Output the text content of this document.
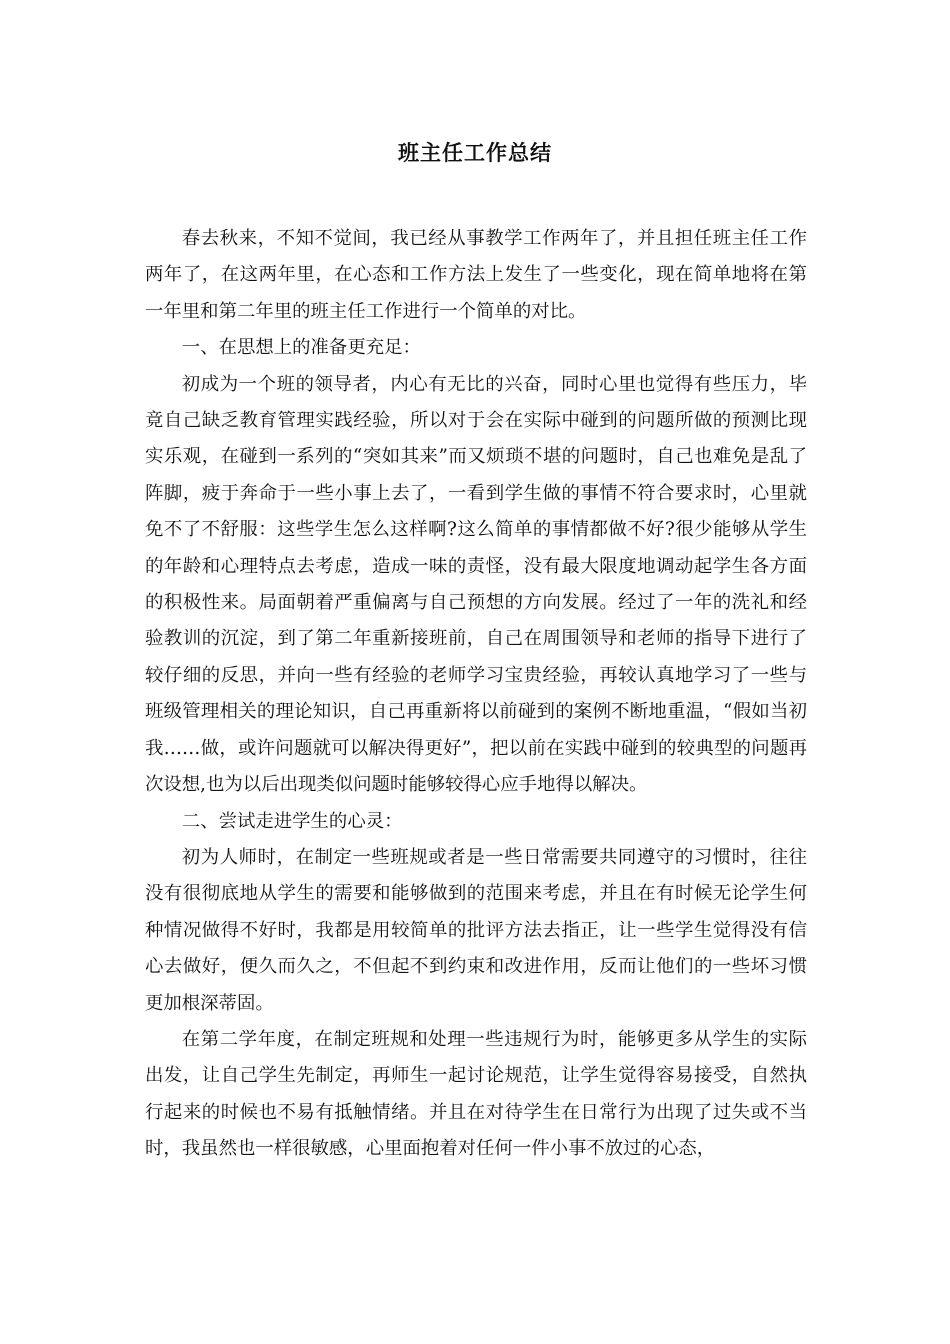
班主任工作总结

春去秋来，不知不觉间，我已经从事教学工作两年了，并且担任班主任工作两年了，在这两年里，在心态和工作方法上发生了一些变化，现在简单地将在第一年里和第二年里的班主任工作进行一个简单的对比。

一、在思想上的准备更充足：

初成为一个班的领导者，内心有无比的兴奋，同时心里也觉得有些压力，毕竟自己缺乏教育管理实践经验，所以对于会在实际中碰到的问题所做的预测比现实乐观，在碰到一系列的“突如其来”而又烦琐不堪的问题时，自己也难免是乱了阵脚，疲于奔命于一些小事上去了，一看到学生做的事情不符合要求时，心里就免不了不舒服：这些学生怎么这样啊?这么简单的事情都做不好?很少能够从学生的年龄和心理特点去考虑，造成一味的责怪，没有最大限度地调动起学生各方面的积极性来。局面朝着严重偏离与自己预想的方向发展。经过了一年的洗礼和经验教训的沉淀，到了第二年重新接班前，自己在周围领导和老师的指导下进行了较仔细的反思，并向一些有经验的老师学习宝贵经验，再较认真地学习了一些与班级管理相关的理论知识，自己再重新将以前碰到的案例不断地重温，“假如当初我……做，或许问题就可以解决得更好”，把以前在实践中碰到的较典型的问题再次设想,也为以后出现类似问题时能够较得心应手地得以解决。

二、尝试走进学生的心灵：

初为人师时，在制定一些班规或者是一些日常需要共同遵守的习惯时，往往没有很彻底地从学生的需要和能够做到的范围来考虑，并且在有时候无论学生何种情况做得不好时，我都是用较简单的批评方法去指正，让一些学生觉得没有信心去做好，便久而久之，不但起不到约束和改进作用，反而让他们的一些坏习惯更加根深蒂固。

在第二学年度，在制定班规和处理一些违规行为时，能够更多从学生的实际出发，让自己学生先制定，再师生一起讨论规范，让学生觉得容易接受，自然执行起来的时候也不易有抵触情绪。并且在对待学生在日常行为出现了过失或不当时，我虽然也一样很敏感，心里面抱着对任何一件小事不放过的心态，
